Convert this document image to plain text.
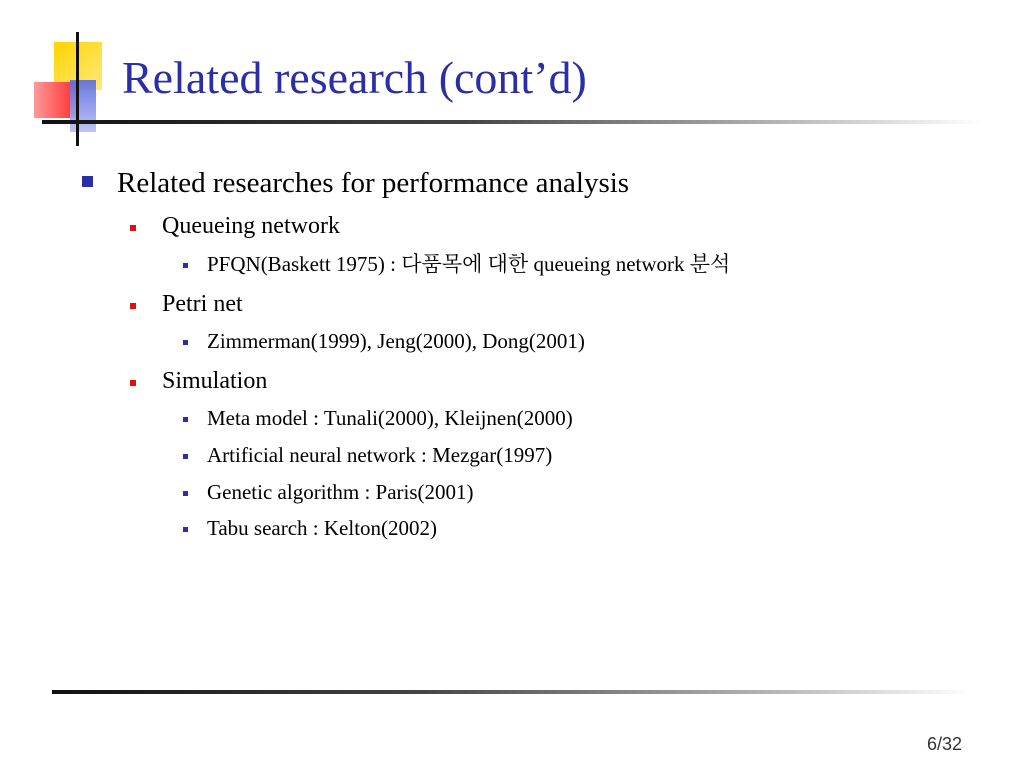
Related research (cont’d)
Related researches for performance analysis
Queueing network
PFQN(Baskett 1975) : 다품목에 대한 queueing network 분석
Petri net
Zimmerman(1999), Jeng(2000), Dong(2001)
Simulation
Meta model : Tunali(2000), Kleijnen(2000)
Artificial neural network : Mezgar(1997)
Genetic algorithm : Paris(2001)
Tabu search : Kelton(2002)
6/32
